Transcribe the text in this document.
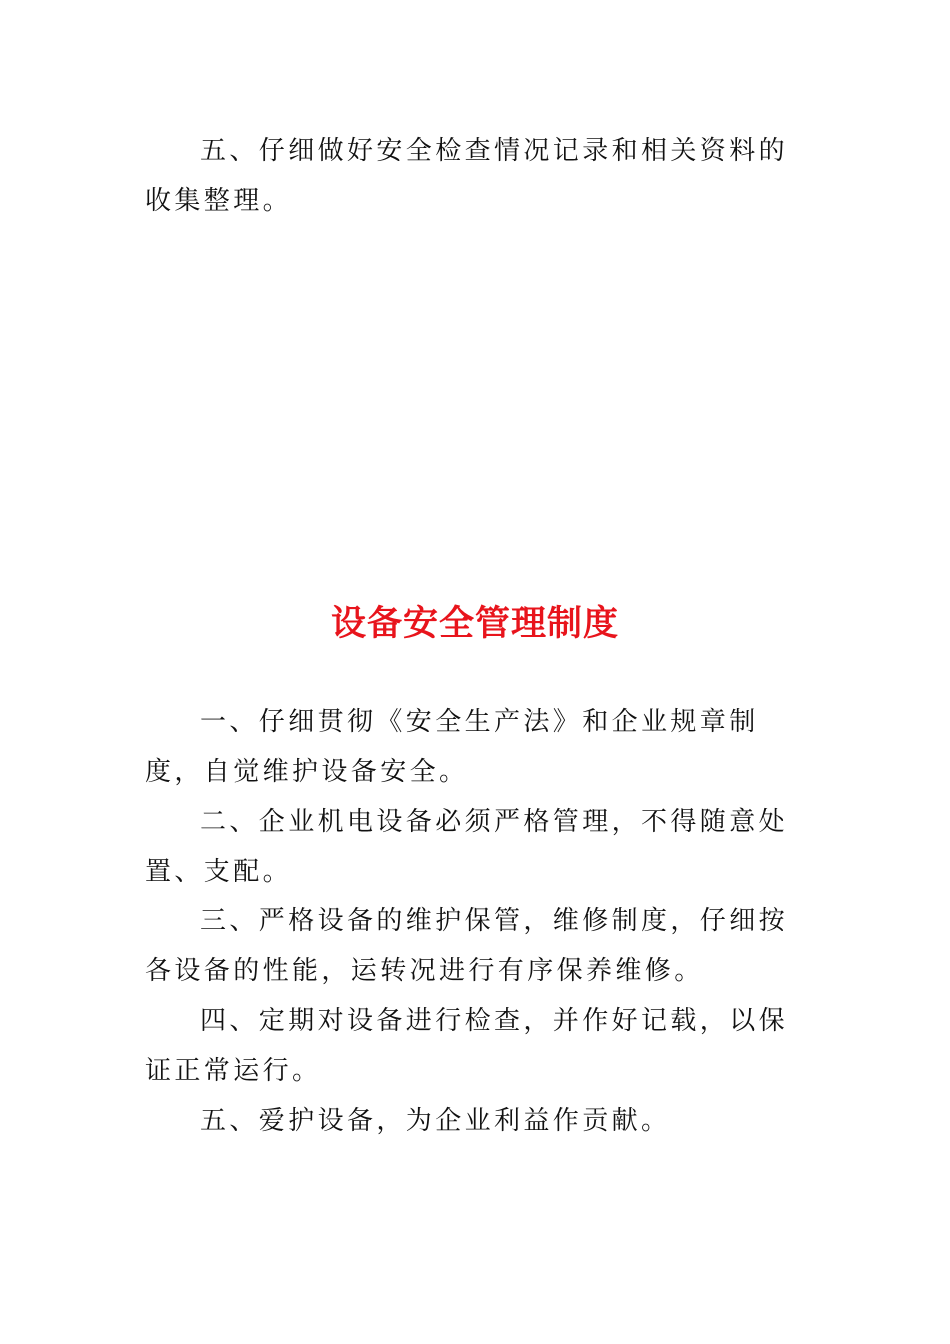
五、仔细做好安全检查情况记录和相关资料的收集整理。

设备安全管理制度

一、仔细贯彻《安全生产法》和企业规章制度，自觉维护设备安全。

二、企业机电设备必须严格管理，不得随意处置、支配。

三、严格设备的维护保管，维修制度，仔细按各设备的性能，运转况进行有序保养维修。

四、定期对设备进行检查，并作好记载，以保证正常运行。

五、爱护设备，为企业利益作贡献。
